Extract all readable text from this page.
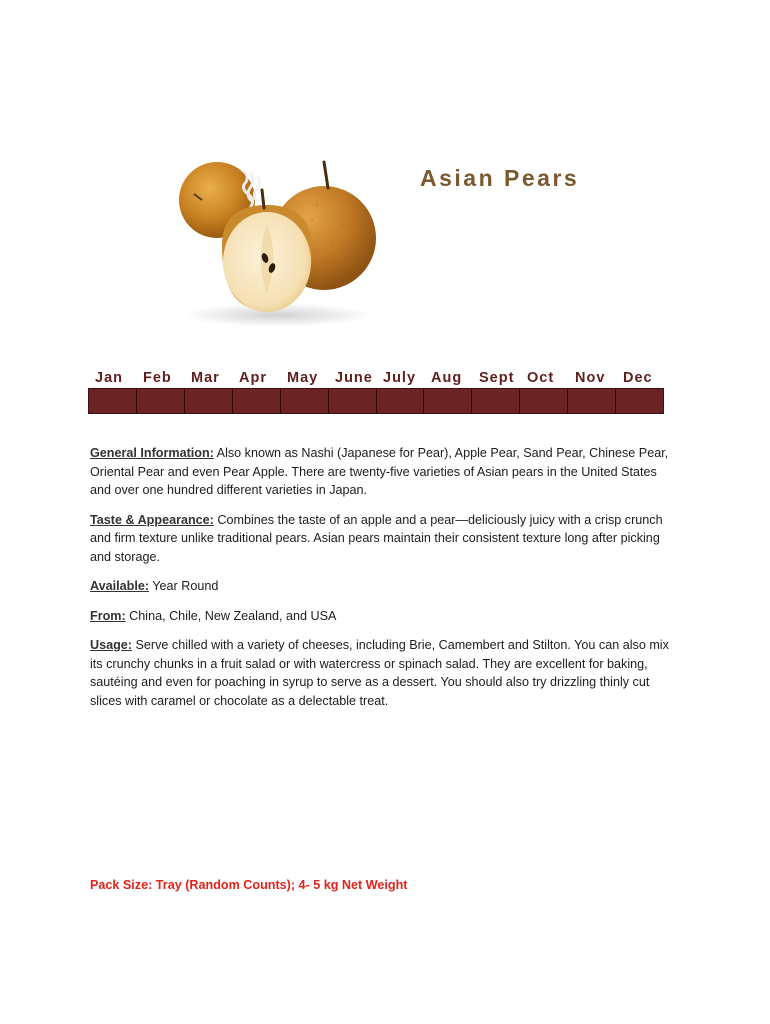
Asian Pears
Jan Feb Mar Apr May June July Aug Sept Oct Nov Dec

General Information: Also known as Nashi (Japanese for Pear), Apple Pear, Sand Pear, Chinese Pear, Oriental Pear and even Pear Apple. There are twenty-five varieties of Asian pears in the United States and over one hundred different varieties in Japan.

Taste & Appearance: Combines the taste of an apple and a pear—deliciously juicy with a crisp crunch and firm texture unlike traditional pears. Asian pears maintain their consistent texture long after picking and storage.

Available: Year Round

From: China, Chile, New Zealand, and USA

Usage: Serve chilled with a variety of cheeses, including Brie, Camembert and Stilton. You can also mix its crunchy chunks in a fruit salad or with watercress or spinach salad. They are excellent for baking, sautéing and even for poaching in syrup to serve as a dessert. You should also try drizzling thinly cut slices with caramel or chocolate as a delectable treat.

Pack Size: Tray (Random Counts); 4- 5 kg Net Weight
